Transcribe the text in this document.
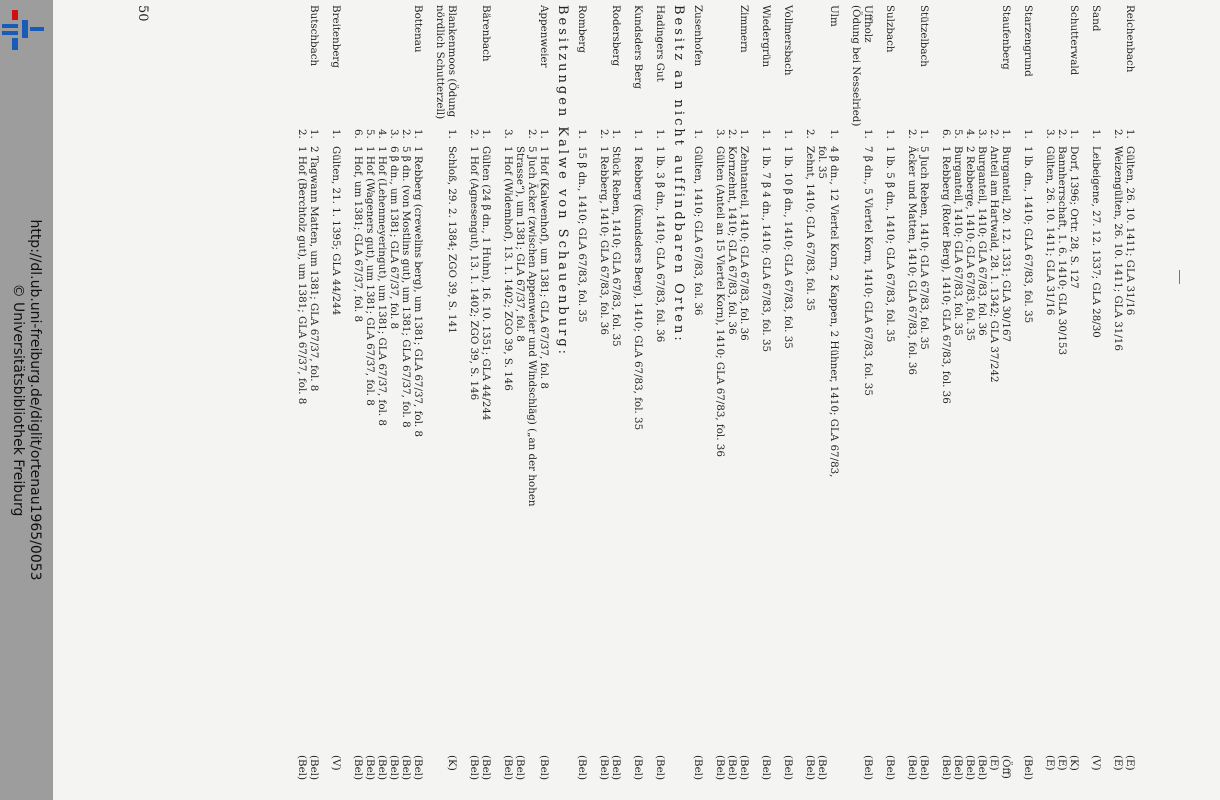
http://dl.ub.uni-freiburg.de/diglit/ortenau1965/0053
© Universitätsbibliothek Freiburg
Reichenbach
1.
Gülten, 26. 10. 1411; GLA 31/16
(E)
2.
Weizengülten, 26. 10. 1411; GLA 31/16
(E)
Sand
1.
Leibeigene, 27. 12. 1337; GLA 28/30
(V)
Schutterwald
1.
Dorf, 1396; Ortr. 28, S. 127
(K)
2.
Bannherrschaft, 1. 6. 1410; GLA 30/153
(E)
3.
Gülten, 26. 10. 1411; GLA 31/16
(E)
Starzengrund
1.
1 lb. dn., 1410; GLA 67/83, fol. 35
(Bel)
Staufenberg
1.
Burganteil, 20. 12. 1331; GLA 30/167
(Öff)
2.
Anteil am Hartwald, 28. 1. 1342; GLA 37/242
(E)
3.
Burganteil, 1410; GLA 67/83, fol. 36
(Bel)
4.
2 Rebberge, 1410; GLA 67/83, fol. 35
(Bel)
5.
Burganteil, 1410; GLA 67/83, fol. 35
(Bel)
6.
1 Rebberg (Roter Berg), 1410; GLA 67/83, fol. 36
(Bel)
Stützelbach
1.
5 Juch Reben, 1410; GLA 67/83, fol. 35
(Bel)
2.
Äcker und Matten, 1410; GLA 67/83, fol. 36
(Bel)
Sulzbach
1.
1 lb. 5 β dn., 1410; GLA 67/83, fol. 35
(Bel)
Uffholz
1.
7 β dn., 5 Viertel Korn, 1410; GLA 67/83, fol. 35
(Bel)
(Ödung bei Nesselried)
Ulm
1.
4 β dn., 12 Viertel Korn, 2 Kappen, 2 Hühner, 1410; GLA 67/83,
fol. 35
(Bel)
2.
Zehnt, 1410; GLA 67/83, fol. 35
(Bel)
Vollmersbach
1.
1 lb. 10 β dn., 1410; GLA 67/83, fol. 35
(Bel)
Wiedergrün
1.
1 lb. 7 β 4 dn., 1410; GLA 67/83, fol. 35
(Bel)
Zimmern
1.
Zehntanteil, 1410; GLA 67/83, fol. 36
(Bel)
2.
Kornzehnt, 1410; GLA 67/83, fol. 36
(Bel)
3.
Gülten (Anteil an 15 Viertel Korn), 1410; GLA 67/83, fol. 36
(Bel)
Zusenhofen
1.
Gülten, 1410; GLA 67/83, fol. 36
(Bel)
Besitz an nicht auffindbaren Orten:
Hadingers Gut
1.
1 lb. 3 β dn., 1410; GLA 67/83, fol. 36
(Bel)
Kundsders Berg
1.
1 Rebberg (Kundsders Berg), 1410; GLA 67/83, fol. 35
(Bel)
Rodersberg
1.
Stück Reben, 1410; GLA 67/83, fol. 35
(Bel)
2.
1 Rebberg, 1410; GLA 67/83, fol. 36
(Bel)
Romberg
1.
15 β dn., 1410; GLA 67/83, fol. 35
(Bel)
Besitzungen Kalwe von Schauenburg:
Appenweier
1.
1 Hof (Kalwenhof), um 1381; GLA 67/37, fol. 8
(Bel)
2.
5 Juch Äcker (zwischen Appenweier und Windschläg) („an der hohen
Strasse“), um 1381; GLA 67/37, fol. 8
(Bel)
3.
1 Hof (Widemhof), 13. 1. 1402; ZGO 39, S. 146
(Bel)
Bärenbach
1.
Gülten (24 β dn., 1 Huhn), 16. 10. 1351; GLA 44/244
(Bel)
2.
1 Hof (Agnesengut), 13. 1. 1402; ZGO 39, S. 146
(Bel)
Blankenmoos (Ödung
1.
Schloß, 29. 2. 1384; ZGO 39, S. 141
(K)
nördlich Schutterzell)
Bottenau
1.
1 Rebberg (crewelins berg), um 1381; GLA 67/37, fol. 8
(Bel)
2.
5 β dn. (von Mostlins gut), um 1381; GLA 67/37, fol. 8
(Bel)
3.
6 β dn., um 1381; GLA 67/37, fol. 8
(Bel)
4.
1 Hof (Lehenmeyeringut), um 1381; GLA 67/37, fol. 8
(Bel)
5.
1 Hof (Wageners gut), um 1381; GLA 67/37, fol. 8
(Bel)
6.
1 Hof, um 1381; GLA 67/37, fol. 8
(Bel)
Breitenberg
1.
Gülten, 21. 1. 1395; GLA 44/244
(V)
Butschbach
1.
2 Tagwann Matten, um 1381; GLA 67/37, fol. 8
(Bel)
2.
1 Hof (Berchtolz gut), um 1381; GLA 67/37, fol. 8
(Bel)
50
